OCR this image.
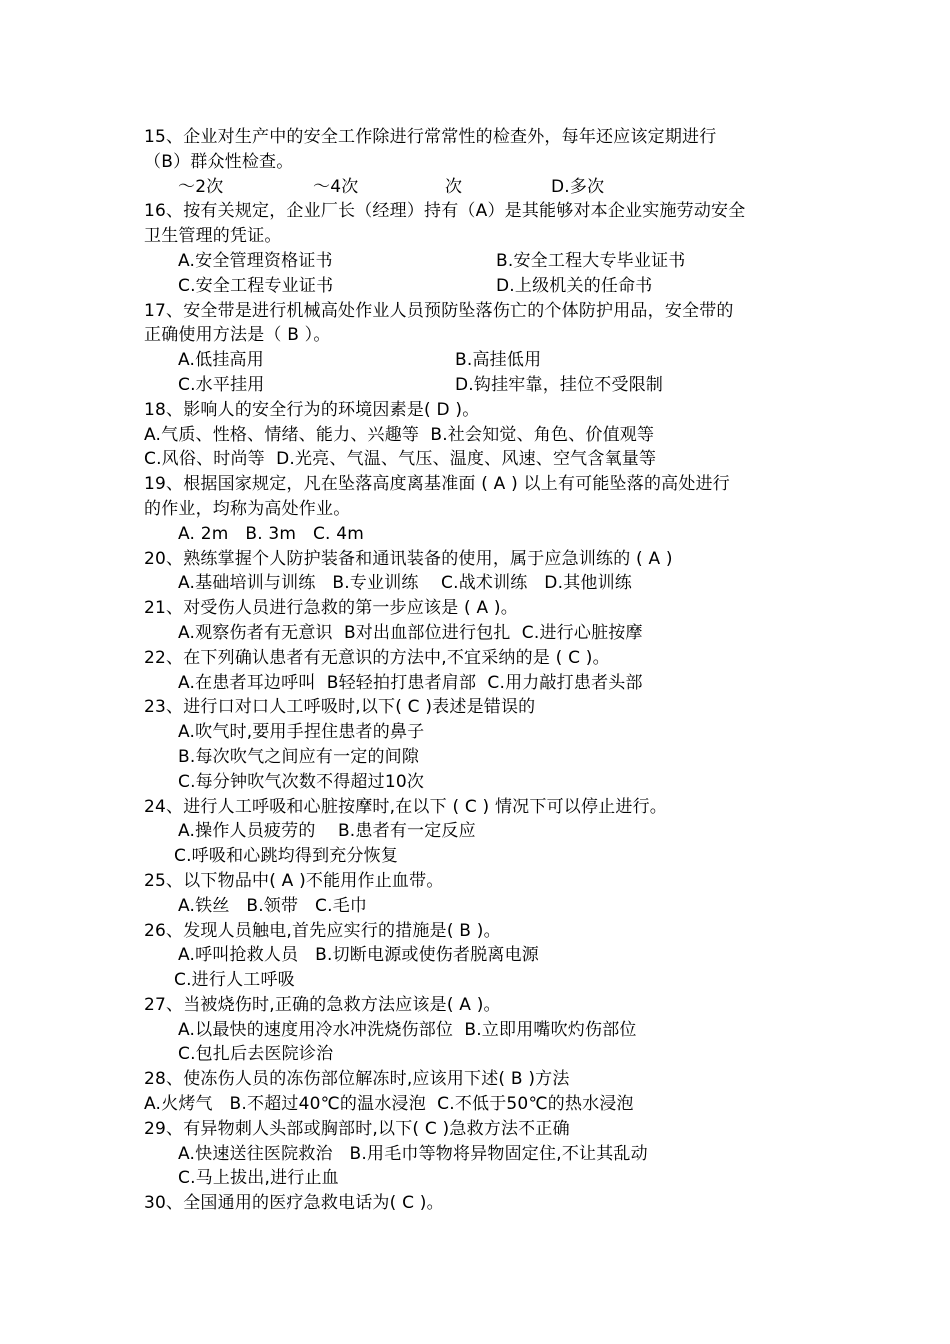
15、企业对生产中的安全工作除进行常常性的检查外，每年还应该定期进行
（B）群众性检查。
～2次	～4次	次	D.多次
16、按有关规定，企业厂长（经理）持有（A）是其能够对本企业实施劳动安全
卫生管理的凭证。
A.安全管理资格证书	B.安全工程大专毕业证书
C.安全工程专业证书	D.上级机关的任命书
17、安全带是进行机械高处作业人员预防坠落伤亡的个体防护用品，安全带的
正确使用方法是（ B ）。
A.低挂高用	B.高挂低用
C.水平挂用	D.钩挂牢靠，挂位不受限制
18、影响人的安全行为的环境因素是( D )。
A.气质、性格、情绪、能力、兴趣等  B.社会知觉、角色、价值观等
C.风俗、时尚等  D.光亮、气温、气压、温度、风速、空气含氧量等
19、根据国家规定，凡在坠落高度离基准面 ( A ) 以上有可能坠落的高处进行
的作业，均称为高处作业。
A. 2m   B. 3m   C. 4m
20、熟练掌握个人防护装备和通讯装备的使用，属于应急训练的 ( A )
A.基础培训与训练   B.专业训练    C.战术训练   D.其他训练
21、对受伤人员进行急救的第一步应该是 ( A )。
A.观察伤者有无意识  B对出血部位进行包扎  C.进行心脏按摩
22、在下列确认患者有无意识的方法中,不宜采纳的是 ( C )。
A.在患者耳边呼叫  B轻轻拍打患者肩部  C.用力敲打患者头部
23、进行口对口人工呼吸时,以下( C )表述是错误的
A.吹气时,要用手捏住患者的鼻子
B.每次吹气之间应有一定的间隙
C.每分钟吹气次数不得超过10次
24、进行人工呼吸和心脏按摩时,在以下 ( C ) 情况下可以停止进行。
A.操作人员疲劳的    B.患者有一定反应
C.呼吸和心跳均得到充分恢复
25、以下物品中( A )不能用作止血带。
A.铁丝   B.领带   C.毛巾
26、发现人员触电,首先应实行的措施是( B )。
A.呼叫抢救人员   B.切断电源或使伤者脱离电源
C.进行人工呼吸
27、当被烧伤时,正确的急救方法应该是( A )。
A.以最快的速度用冷水冲洗烧伤部位  B.立即用嘴吹灼伤部位
C.包扎后去医院诊治
28、使冻伤人员的冻伤部位解冻时,应该用下述( B )方法
A.火烤气   B.不超过40℃的温水浸泡  C.不低于50℃的热水浸泡
29、有异物刺人头部或胸部时,以下( C )急救方法不正确
A.快速送往医院救治   B.用毛巾等物将异物固定住,不让其乱动
C.马上拔出,进行止血
30、全国通用的医疗急救电话为( C )。
